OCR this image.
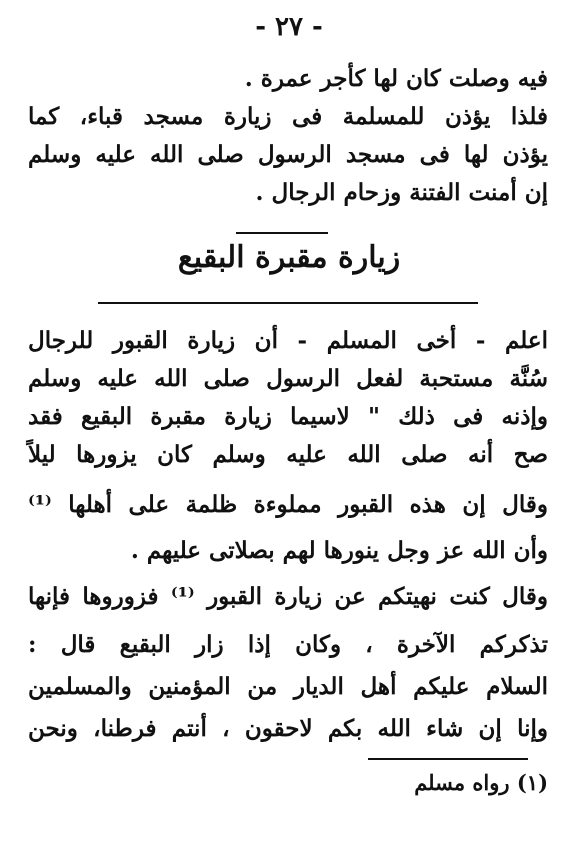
- ٢٧ -
فيه وصلت كان لها كأجر عمرة .
فلذا يؤذن للمسلمة فى زيارة مسجد قباء، كما
يؤذن لها فى مسجد الرسول صلى الله عليه وسلم
إن أمنت الفتنة وزحام الرجال .
زيارة مقبرة البقيع
اعلم - أخى المسلم - أن زيارة القبور للرجال
سُنَّة مستحبة لفعل الرسول صلى الله عليه وسلم
وإذنه فى ذلك " لاسيما زيارة مقبرة البقيع فقد
صح أنه صلى الله عليه وسلم كان يزورها ليلاً
وقال إن هذه القبور مملوءة ظلمة على أهلها ⁽¹⁾
وأن الله عز وجل ينورها لهم بصلاتى عليهم .
وقال كنت نهيتكم عن زيارة القبور ⁽¹⁾ فزوروها فإنها
تذكركم الآخرة ، وكان إذا زار البقيع قال :
السلام عليكم أهل الديار من المؤمنين والمسلمين
وإنا إن شاء الله بكم لاحقون ، أنتم فرطنا، ونحن
(١) رواه مسلم
